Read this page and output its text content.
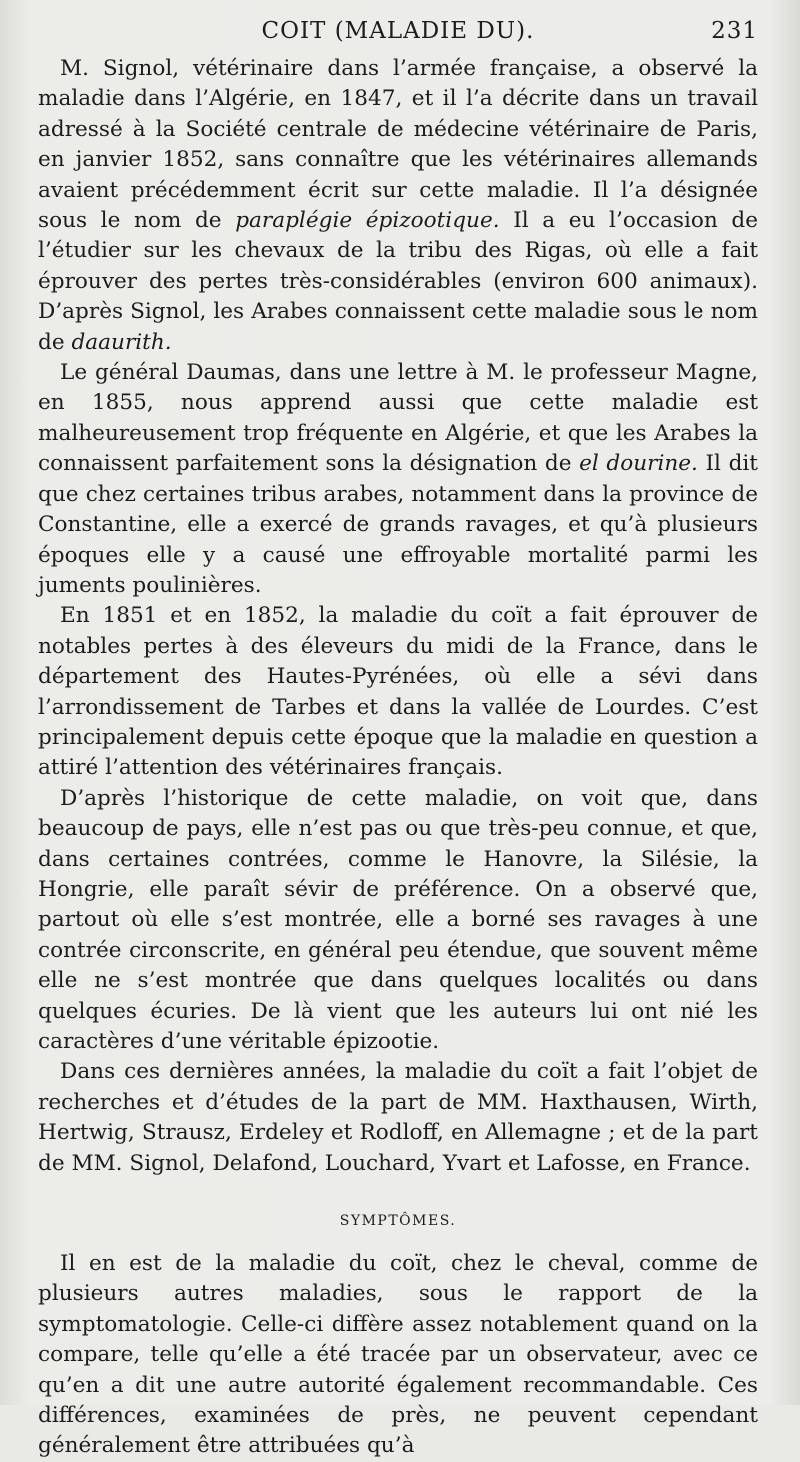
COIT (MALADIE DU).	231

M. Signol, vétérinaire dans l’armée française, a observé la maladie dans l’Algérie, en 1847, et il l’a décrite dans un travail adressé à la Société centrale de médecine vétérinaire de Paris, en janvier 1852, sans connaître que les vétérinaires allemands avaient précédemment écrit sur cette maladie. Il l’a désignée sous le nom de paraplégie épizootique. Il a eu l’occasion de l’étudier sur les chevaux de la tribu des Rigas, où elle a fait éprouver des pertes très-considérables (environ 600 animaux). D’après Signol, les Arabes connaissent cette maladie sous le nom de daaurith.

Le général Daumas, dans une lettre à M. le professeur Magne, en 1855, nous apprend aussi que cette maladie est malheureusement trop fréquente en Algérie, et que les Arabes la connaissent parfaitement sons la désignation de el dourine. Il dit que chez certaines tribus arabes, notamment dans la province de Constantine, elle a exercé de grands ravages, et qu’à plusieurs époques elle y a causé une effroyable mortalité parmi les juments poulinières.

En 1851 et en 1852, la maladie du coït a fait éprouver de notables pertes à des éleveurs du midi de la France, dans le département des Hautes-Pyrénées, où elle a sévi dans l’arrondissement de Tarbes et dans la vallée de Lourdes. C’est principalement depuis cette époque que la maladie en question a attiré l’attention des vétérinaires français.

D’après l’historique de cette maladie, on voit que, dans beaucoup de pays, elle n’est pas ou que très-peu connue, et que, dans certaines contrées, comme le Hanovre, la Silésie, la Hongrie, elle paraît sévir de préférence. On a observé que, partout où elle s’est montrée, elle a borné ses ravages à une contrée circonscrite, en général peu étendue, que souvent même elle ne s’est montrée que dans quelques localités ou dans quelques écuries. De là vient que les auteurs lui ont nié les caractères d’une véritable épizootie.

Dans ces dernières années, la maladie du coït a fait l’objet de recherches et d’études de la part de MM. Haxthausen, Wirth, Hertwig, Strausz, Erdeley et Rodloff, en Allemagne ; et de la part de MM. Signol, Delafond, Louchard, Yvart et Lafosse, en France.

SYMPTÔMES.

Il en est de la maladie du coït, chez le cheval, comme de plusieurs autres maladies, sous le rapport de la symptomatologie. Celle-ci diffère assez notablement quand on la compare, telle qu’elle a été tracée par un observateur, avec ce qu’en a dit une autre autorité également recommandable. Ces différences, examinées de près, ne peuvent cependant généralement être attribuées qu’à
